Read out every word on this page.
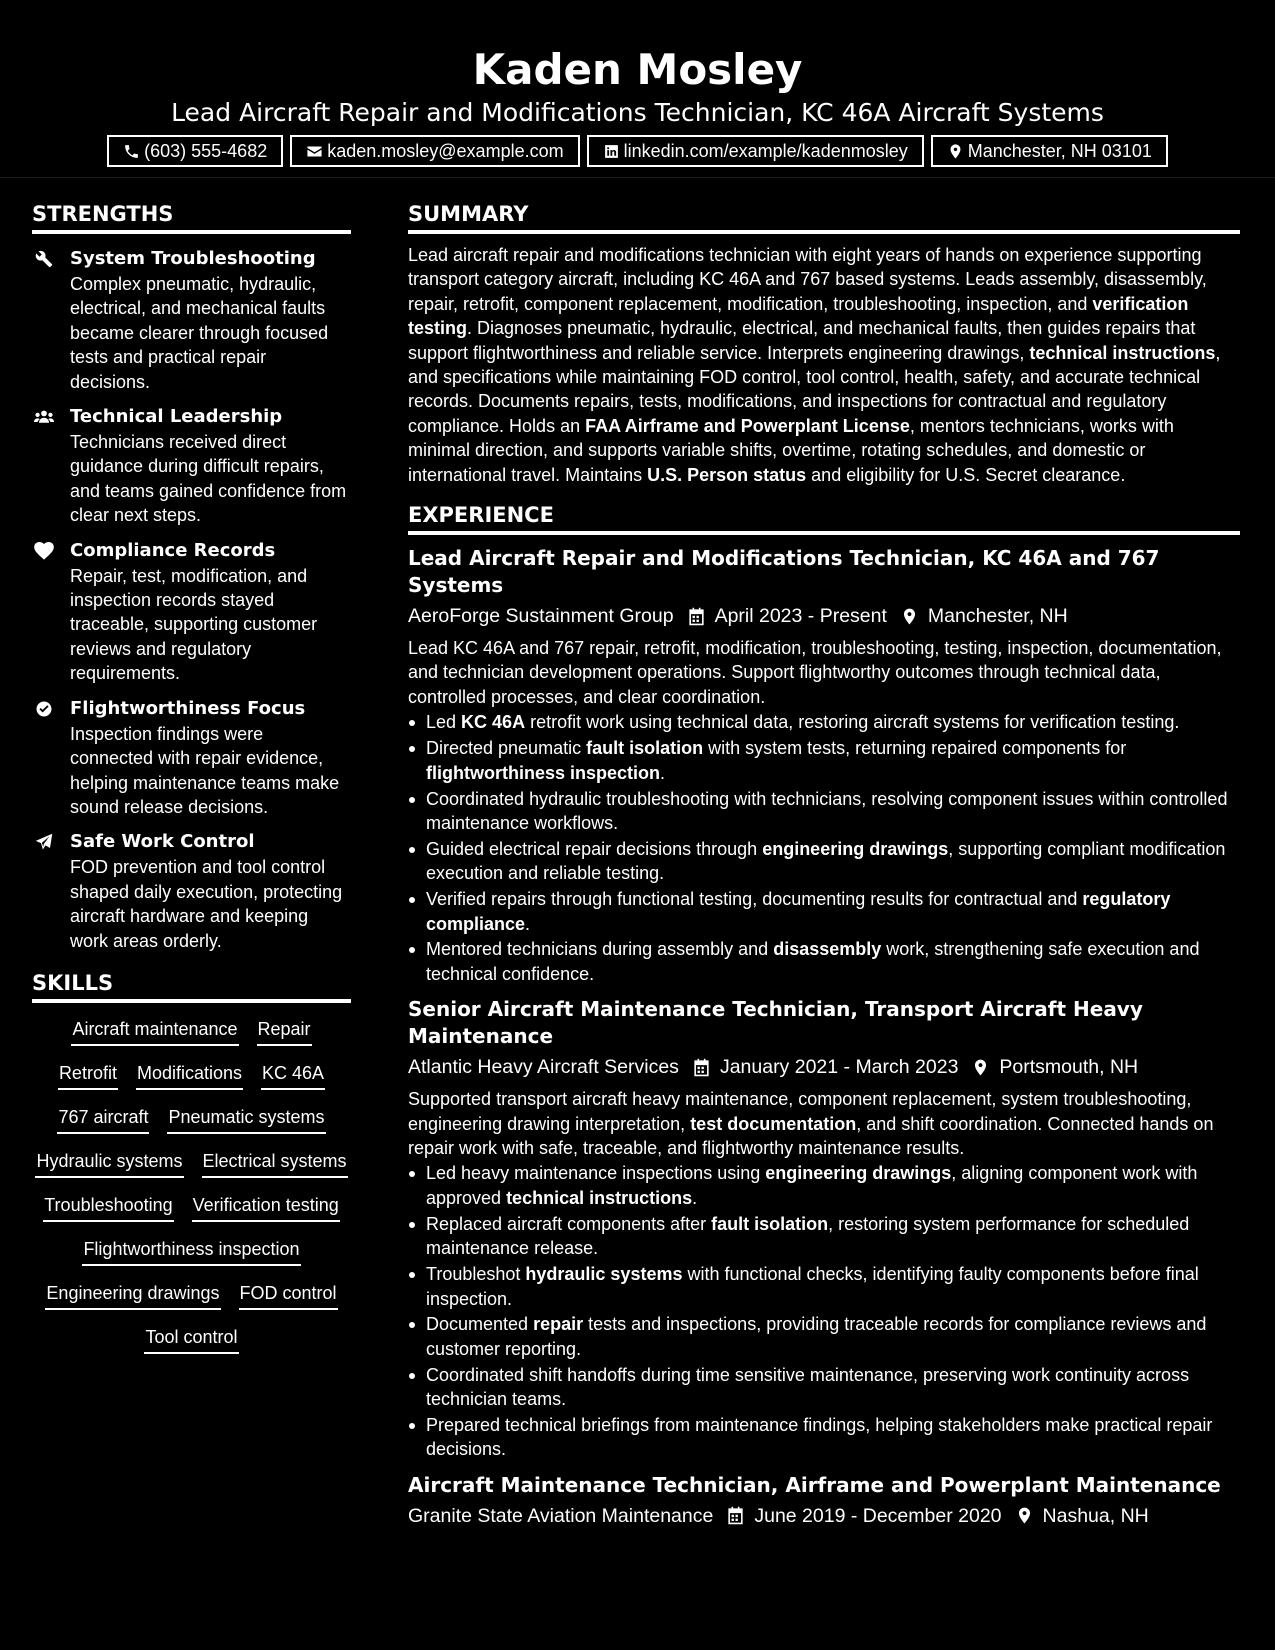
Kaden Mosley
Lead Aircraft Repair and Modifications Technician, KC 46A Aircraft Systems
(603) 555-4682	kaden.mosley@example.com	linkedin.com/example/kadenmosley	Manchester, NH 03101
STRENGTHS
System Troubleshooting
Complex pneumatic, hydraulic, electrical, and mechanical faults became clearer through focused tests and practical repair decisions.
Technical Leadership
Technicians received direct guidance during difficult repairs, and teams gained confidence from clear next steps.
Compliance Records
Repair, test, modification, and inspection records stayed traceable, supporting customer reviews and regulatory requirements.
Flightworthiness Focus
Inspection findings were connected with repair evidence, helping maintenance teams make sound release decisions.
Safe Work Control
FOD prevention and tool control shaped daily execution, protecting aircraft hardware and keeping work areas orderly.
SKILLS
Aircraft maintenance Repair
Retrofit Modifications KC 46A
767 aircraft Pneumatic systems
Hydraulic systems Electrical systems
Troubleshooting Verification testing
Flightworthiness inspection
Engineering drawings FOD control
Tool control
SUMMARY
Lead aircraft repair and modifications technician with eight years of hands on experience supporting transport category aircraft, including KC 46A and 767 based systems. Leads assembly, disassembly, repair, retrofit, component replacement, modification, troubleshooting, inspection, and verification testing. Diagnoses pneumatic, hydraulic, electrical, and mechanical faults, then guides repairs that support flightworthiness and reliable service. Interprets engineering drawings, technical instructions, and specifications while maintaining FOD control, tool control, health, safety, and accurate technical records. Documents repairs, tests, modifications, and inspections for contractual and regulatory compliance. Holds an FAA Airframe and Powerplant License, mentors technicians, works with minimal direction, and supports variable shifts, overtime, rotating schedules, and domestic or international travel. Maintains U.S. Person status and eligibility for U.S. Secret clearance.
EXPERIENCE
Lead Aircraft Repair and Modifications Technician, KC 46A and 767 Systems
AeroForge Sustainment Group April 2023 - Present Manchester, NH
Lead KC 46A and 767 repair, retrofit, modification, troubleshooting, testing, inspection, documentation, and technician development operations. Support flightworthy outcomes through technical data, controlled processes, and clear coordination.
Led KC 46A retrofit work using technical data, restoring aircraft systems for verification testing.
Directed pneumatic fault isolation with system tests, returning repaired components for flightworthiness inspection.
Coordinated hydraulic troubleshooting with technicians, resolving component issues within controlled maintenance workflows.
Guided electrical repair decisions through engineering drawings, supporting compliant modification execution and reliable testing.
Verified repairs through functional testing, documenting results for contractual and regulatory compliance.
Mentored technicians during assembly and disassembly work, strengthening safe execution and technical confidence.
Senior Aircraft Maintenance Technician, Transport Aircraft Heavy Maintenance
Atlantic Heavy Aircraft Services January 2021 - March 2023 Portsmouth, NH
Supported transport aircraft heavy maintenance, component replacement, system troubleshooting, engineering drawing interpretation, test documentation, and shift coordination. Connected hands on repair work with safe, traceable, and flightworthy maintenance results.
Led heavy maintenance inspections using engineering drawings, aligning component work with approved technical instructions.
Replaced aircraft components after fault isolation, restoring system performance for scheduled maintenance release.
Troubleshot hydraulic systems with functional checks, identifying faulty components before final inspection.
Documented repair tests and inspections, providing traceable records for compliance reviews and customer reporting.
Coordinated shift handoffs during time sensitive maintenance, preserving work continuity across technician teams.
Prepared technical briefings from maintenance findings, helping stakeholders make practical repair decisions.
Aircraft Maintenance Technician, Airframe and Powerplant Maintenance
Granite State Aviation Maintenance June 2019 - December 2020 Nashua, NH
